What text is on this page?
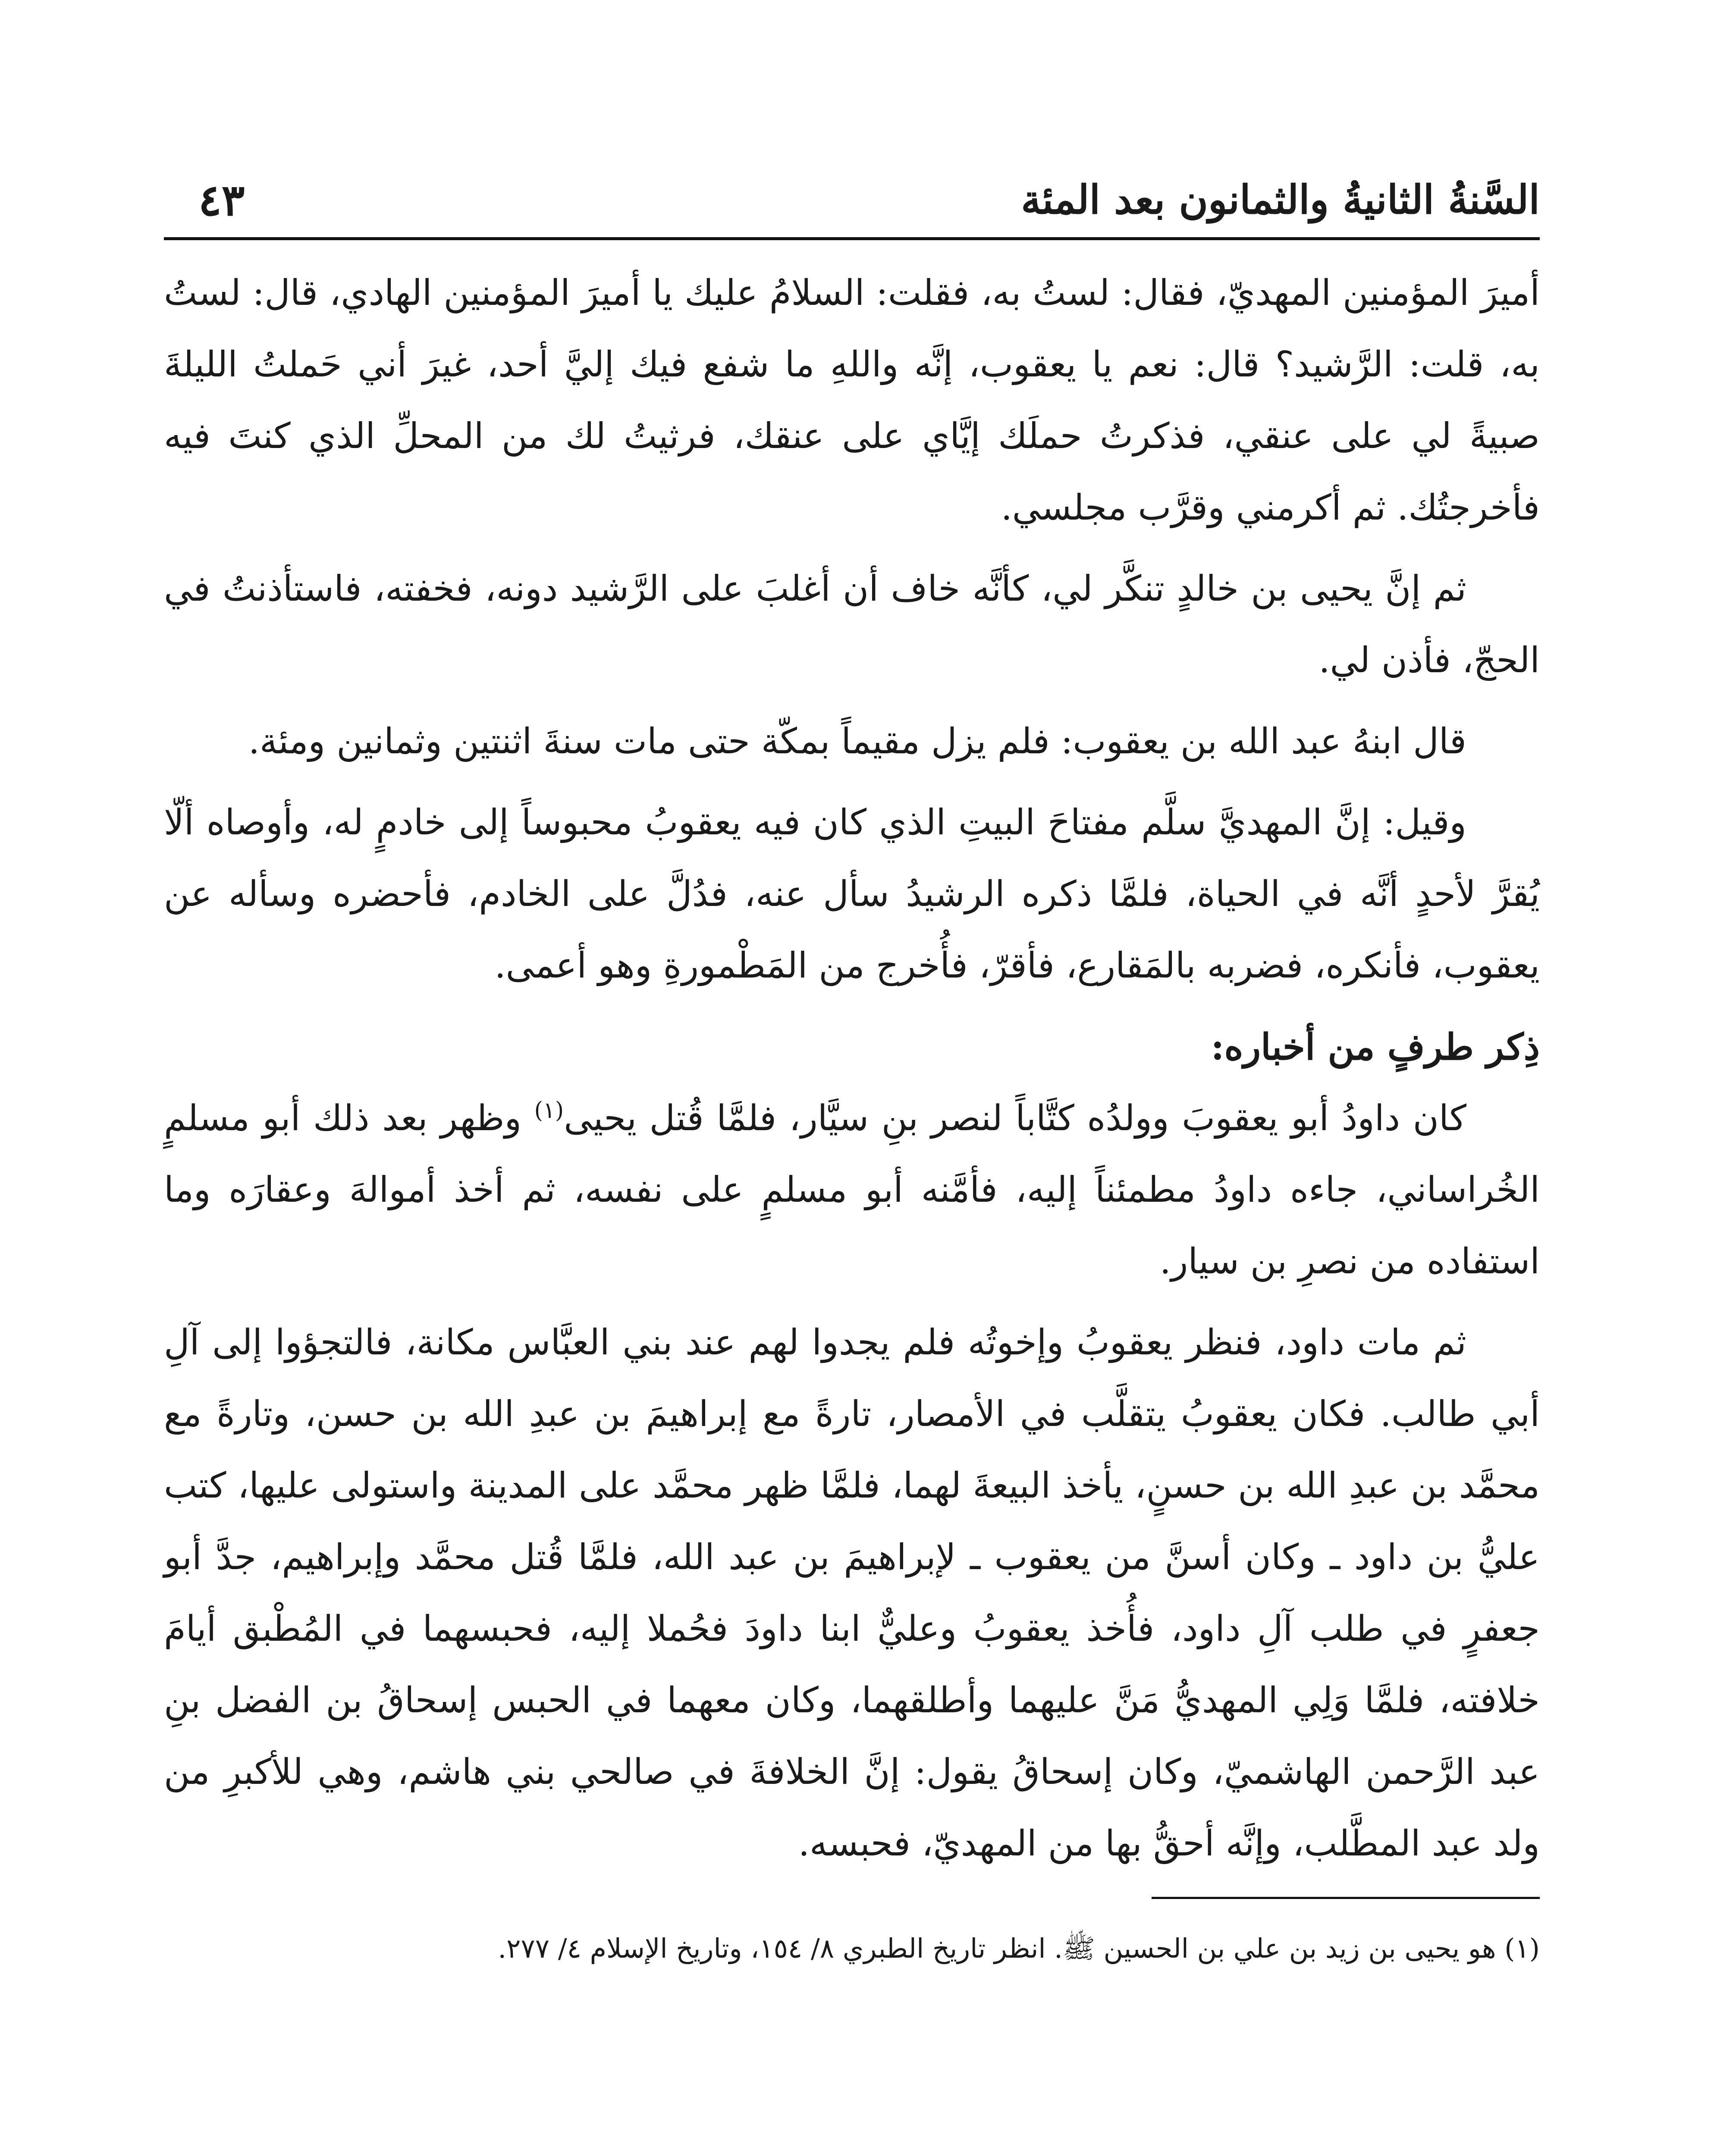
السَّنةُ الثانيةُ والثمانون بعد المئة
٤٣

أميرَ المؤمنين المهديّ، فقال: لستُ به، فقلت: السلامُ عليك يا أميرَ المؤمنين الهادي، قال: لستُ به، قلت: الرَّشيد؟ قال: نعم يا يعقوب، إنَّه واللهِ ما شفع فيك إليَّ أحد، غيرَ أني حَملتُ الليلةَ صبيةً لي على عنقي، فذكرتُ حملَك إيَّاي على عنقك، فرثيتُ لك من المحلِّ الذي كنتَ فيه فأخرجتُك. ثم أكرمني وقرَّب مجلسي.

ثم إنَّ يحيى بن خالدٍ تنكَّر لي، كأنَّه خاف أن أغلبَ على الرَّشيد دونه، فخفته، فاستأذنتُ في الحجّ، فأذن لي.

قال ابنهُ عبد الله بن يعقوب: فلم يزل مقيماً بمكّة حتى مات سنةَ اثنتين وثمانين ومئة.

وقيل: إنَّ المهديَّ سلَّم مفتاحَ البيتِ الذي كان فيه يعقوبُ محبوساً إلى خادمٍ له، وأوصاه ألّا يُقرَّ لأحدٍ أنَّه في الحياة، فلمَّا ذكره الرشيدُ سأل عنه، فدُلَّ على الخادم، فأحضره وسأله عن يعقوب، فأنكره، فضربه بالمَقارع، فأقرّ، فأُخرج من المَطْمورةِ وهو أعمى.

ذِكر طرفٍ من أخباره:

كان داودُ أبو يعقوبَ وولدُه كتَّاباً لنصر بنِ سيَّار، فلمَّا قُتل يحيى$^{(١)}$ وظهر بعد ذلك أبو مسلمٍ الخُراساني، جاءه داودُ مطمئناً إليه، فأمَّنه أبو مسلمٍ على نفسه، ثم أخذ أموالهَ وعقارَه وما استفاده من نصرِ بن سيار.

ثم مات داود، فنظر يعقوبُ وإخوتُه فلم يجدوا لهم عند بني العبَّاس مكانة، فالتجؤوا إلى آلِ أبي طالب. فكان يعقوبُ يتقلَّب في الأمصار، تارةً مع إبراهيمَ بن عبدِ الله بن حسن، وتارةً مع محمَّد بن عبدِ الله بن حسنٍ، يأخذ البيعةَ لهما، فلمَّا ظهر محمَّد على المدينة واستولى عليها، كتب عليُّ بن داود ـ وكان أسنَّ من يعقوب ـ لإبراهيمَ بن عبد الله، فلمَّا قُتل محمَّد وإبراهيم، جدَّ أبو جعفرٍ في طلب آلِ داود، فأُخذ يعقوبُ وعليٌّ ابنا داودَ فحُملا إليه، فحبسهما في المُطْبق أيامَ خلافته، فلمَّا وَلِي المهديُّ مَنَّ عليهما وأطلقهما، وكان معهما في الحبس إسحاقُ بن الفضل بنِ عبد الرَّحمن الهاشميّ، وكان إسحاقُ يقول: إنَّ الخلافةَ في صالحي بني هاشم، وهي للأكبرِ من ولد عبد المطَّلب، وإنَّه أحقُّ بها من المهديّ، فحبسه.

(١) هو يحيى بن زيد بن علي بن الحسين ﷺ. انظر تاريخ الطبري ٨/ ١٥٤، وتاريخ الإسلام ٤/ ٢٧٧.
